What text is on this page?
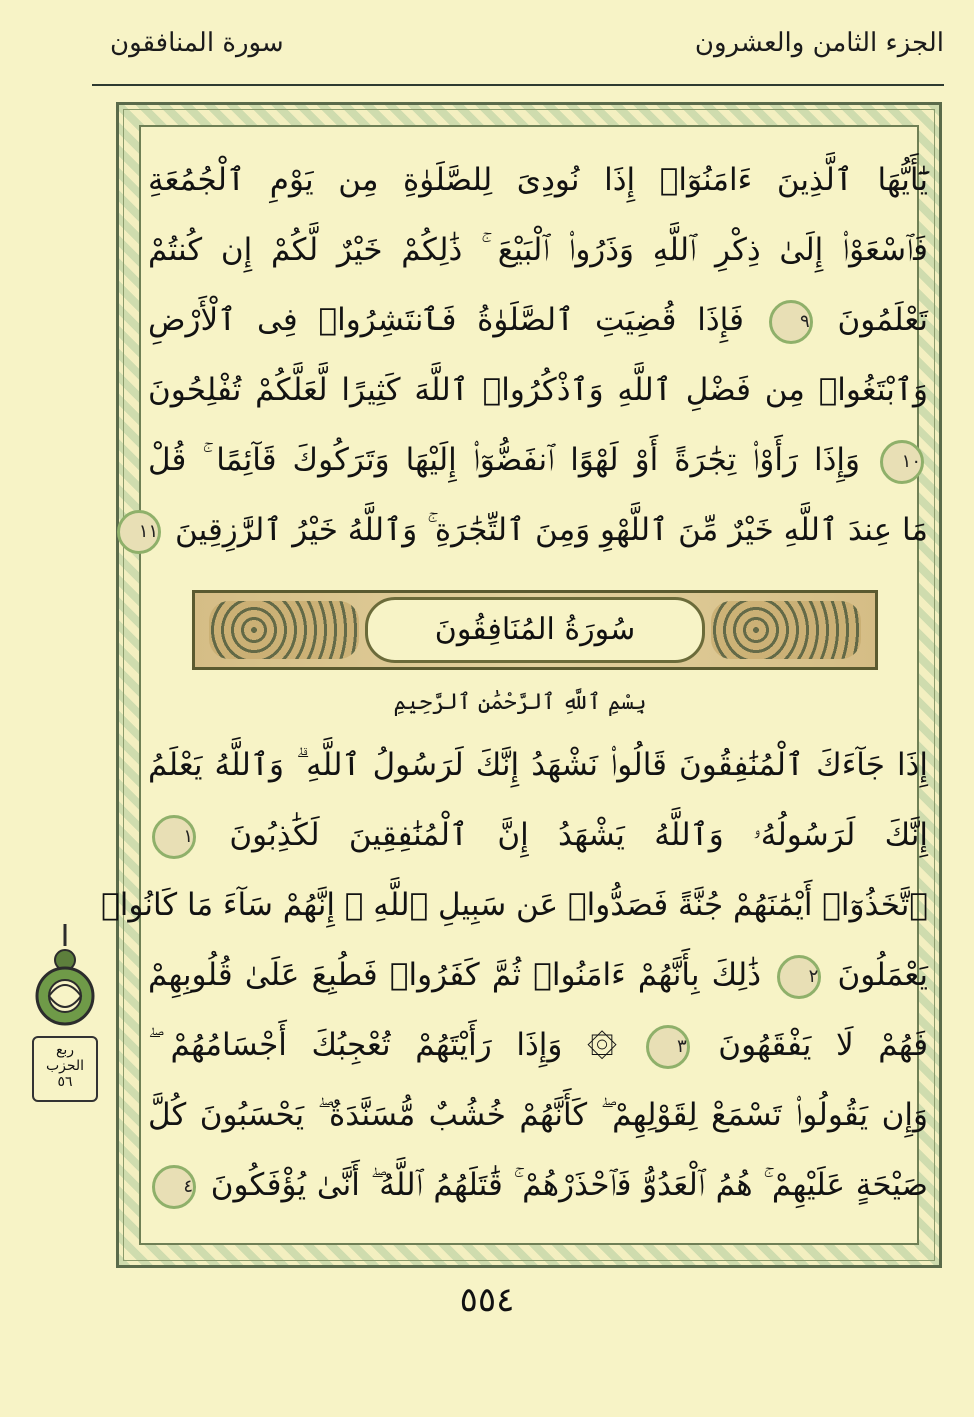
الجزء الثامن والعشرون
سورة المنافقون
يَٰٓأَيُّهَا ٱلَّذِينَ ءَامَنُوٓا۟ إِذَا نُودِىَ لِلصَّلَوٰةِ مِن يَوْمِ ٱلْجُمُعَةِ
فَٱسْعَوْا۟ إِلَىٰ ذِكْرِ ٱللَّهِ وَذَرُوا۟ ٱلْبَيْعَ ۚ ذَٰلِكُمْ خَيْرٌ لَّكُمْ إِن كُنتُمْ
تَعْلَمُونَ ٩ فَإِذَا قُضِيَتِ ٱلصَّلَوٰةُ فَٱنتَشِرُوا۟ فِى ٱلْأَرْضِ
وَٱبْتَغُوا۟ مِن فَضْلِ ٱللَّهِ وَٱذْكُرُوا۟ ٱللَّهَ كَثِيرًا لَّعَلَّكُمْ تُفْلِحُونَ
١٠ وَإِذَا رَأَوْا۟ تِجَٰرَةً أَوْ لَهْوًا ٱنفَضُّوٓا۟ إِلَيْهَا وَتَرَكُوكَ قَآئِمًا ۚ قُلْ
مَا عِندَ ٱللَّهِ خَيْرٌ مِّنَ ٱللَّهْوِ وَمِنَ ٱلتِّجَٰرَةِ ۚ وَٱللَّهُ خَيْرُ ٱلرَّٰزِقِينَ ١١
سُورَةُ المُنَافِقُونَ
بِسْمِ ٱللَّهِ ٱلرَّحْمَٰنِ ٱلرَّحِيمِ
إِذَا جَآءَكَ ٱلْمُنَٰفِقُونَ قَالُوا۟ نَشْهَدُ إِنَّكَ لَرَسُولُ ٱللَّهِ ۗ وَٱللَّهُ يَعْلَمُ
إِنَّكَ لَرَسُولُهُۥ وَٱللَّهُ يَشْهَدُ إِنَّ ٱلْمُنَٰفِقِينَ لَكَٰذِبُونَ ١
ٱتَّخَذُوٓا۟ أَيْمَٰنَهُمْ جُنَّةً فَصَدُّوا۟ عَن سَبِيلِ ٱللَّهِ ۚ إِنَّهُمْ سَآءَ مَا كَانُوا۟
يَعْمَلُونَ ٢ ذَٰلِكَ بِأَنَّهُمْ ءَامَنُوا۟ ثُمَّ كَفَرُوا۟ فَطُبِعَ عَلَىٰ قُلُوبِهِمْ
فَهُمْ لَا يَفْقَهُونَ ٣ ۞ وَإِذَا رَأَيْتَهُمْ تُعْجِبُكَ أَجْسَامُهُمْ ۖ
وَإِن يَقُولُوا۟ تَسْمَعْ لِقَوْلِهِمْ ۖ كَأَنَّهُمْ خُشُبٌ مُّسَنَّدَةٌ ۖ يَحْسَبُونَ كُلَّ
صَيْحَةٍ عَلَيْهِمْ ۚ هُمُ ٱلْعَدُوُّ فَٱحْذَرْهُمْ ۚ قَٰتَلَهُمُ ٱللَّهُ ۖ أَنَّىٰ يُؤْفَكُونَ ٤
ربع
الحزب
٥٦
٥٥٤
